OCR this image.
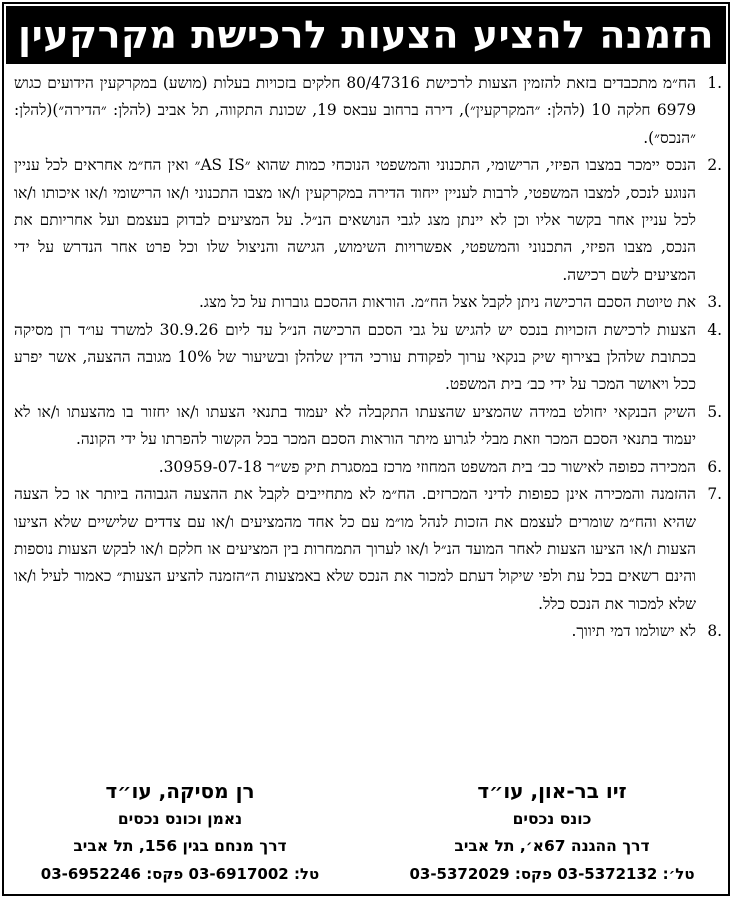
הזמנה להציע הצעות לרכישת מקרקעין
1.
הח״מ מתכבדים בזאת להזמין הצעות לרכישת 80/47316 חלקים בזכויות בעלות (מושע) במקרקעין הידועים כגוש 6979 חלקה 10 (להלן: ״המקרקעין״), דירה ברחוב עבאס 19, שכונת התקווה, תל אביב (להלן: ״הדירה״)(להלן: ״הנכס״).
2.
הנכס יימכר במצבו הפיזי, הרישומי, התכנוני והמשפטי הנוכחי כמות שהוא ״AS IS״ ואין הח״מ אחראים לכל עניין הנוגע לנכס, למצבו המשפטי, לרבות לעניין ייחוד הדירה במקרקעין ו/או מצבו התכנוני ו/או הרישומי ו/או איכותו ו/או לכל עניין אחר בקשר אליו וכן לא יינתן מצג לגבי הנושאים הנ״ל. על המציעים לבדוק בעצמם ועל אחריותם את הנכס, מצבו הפיזי, התכנוני והמשפטי, אפשרויות השימוש, הגישה והניצול שלו וכל פרט אחר הנדרש על ידי המציעים לשם רכישה.
3.
את טיוטת הסכם הרכישה ניתן לקבל אצל הח״מ. הוראות ההסכם גוברות על כל מצג.
4.
הצעות לרכישת הזכויות בנכס יש להגיש על גבי הסכם הרכישה הנ״ל עד ליום 30.9.26 למשרד עו״ד רן מסיקה בכתובת שלהלן בצירוף שיק בנקאי ערוך לפקודת עורכי הדין שלהלן ובשיעור של 10% מגובה ההצעה, אשר יפרע ככל ויאושר המכר על ידי כב׳ בית המשפט.
5.
השיק הבנקאי יחולט במידה שהמציע שהצעתו התקבלה לא יעמוד בתנאי הצעתו ו/או יחזור בו מהצעתו ו/או לא יעמוד בתנאי הסכם המכר וזאת מבלי לגרוע מיתר הוראות הסכם המכר בכל הקשור להפרתו על ידי הקונה.
6.
המכירה כפופה לאישור כב׳ בית המשפט המחוזי מרכז במסגרת תיק פש״ר 30959-07-18.
7.
ההזמנה והמכירה אינן כפופות לדיני המכרזים. הח״מ לא מתחייבים לקבל את ההצעה הגבוהה ביותר או כל הצעה שהיא והח״מ שומרים לעצמם את הזכות לנהל מו״מ עם כל אחד מהמציעים ו/או עם צדדים שלישיים שלא הציעו הצעות ו/או הציעו הצעות לאחר המועד הנ״ל ו/או לערוך התמחרות בין המציעים או חלקם ו/או לבקש הצעות נוספות והינם רשאים בכל עת ולפי שיקול דעתם למכור את הנכס שלא באמצעות ה״הזמנה להציע הצעות״ כאמור לעיל ו/או שלא למכור את הנכס כלל.
8.
לא ישולמו דמי תיווך.
זיו בר-און, עו״ד
כונס נכסים
דרך ההגנה 67א׳, תל אביב
טל׳: 03-5372132 פקס: 03-5372029
רן מסיקה, עו״ד
נאמן וכונס נכסים
דרך מנחם בגין 156, תל אביב
טל: 03-6917002 פקס: 03-6952246
